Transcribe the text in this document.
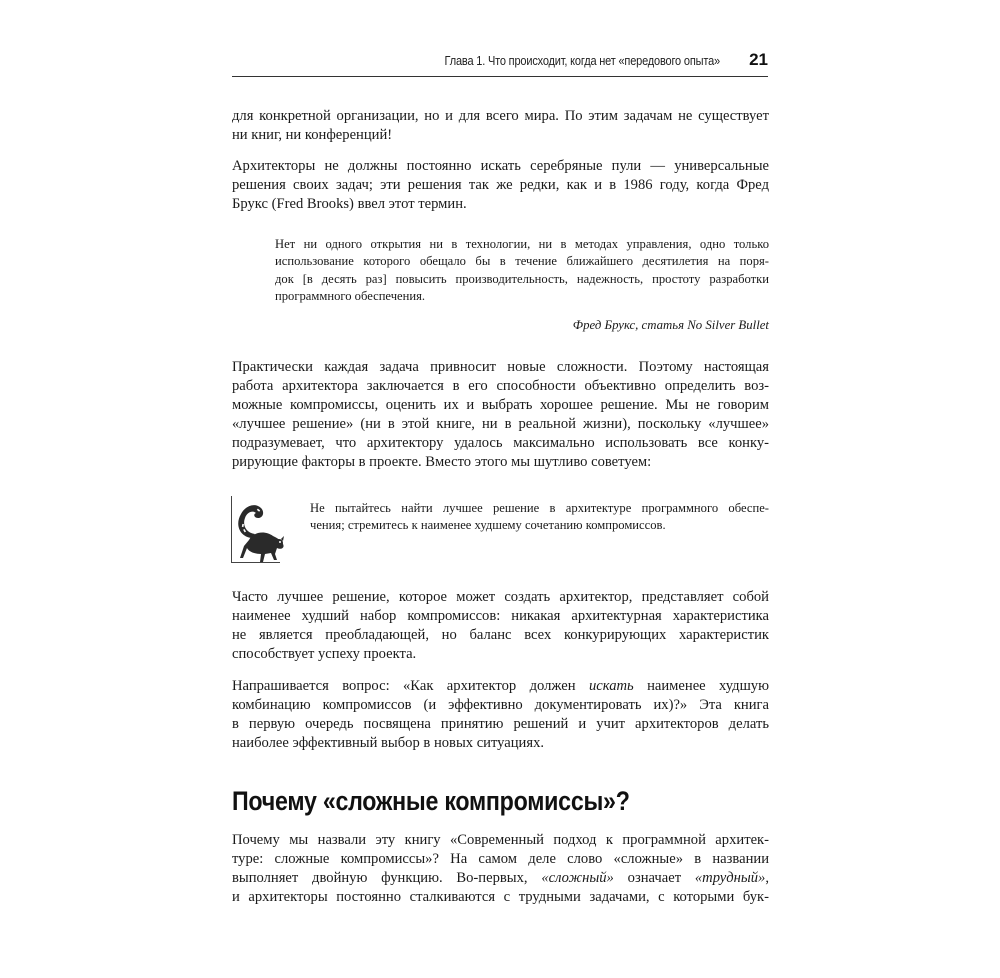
Глава 1. Что происходит, когда нет «передового опыта» 21
для конкретной организации, но и для всего мира. По этим задачам не существует
ни книг, ни конференций!
Архитекторы не должны постоянно искать серебряные пули — универсальные
решения своих задач; эти решения так же редки, как и в 1986 году, когда Фред
Брукс (Fred Brooks) ввел этот термин.
Нет ни одного открытия ни в технологии, ни в методах управления, одно только
использование которого обещало бы в течение ближайшего десятилетия на поря-
док [в десять раз] повысить производительность, надежность, простоту разработки
программного обеспечения.
Фред Брукс, статья No Silver Bullet
Практически каждая задача привносит новые сложности. Поэтому настоящая
работа архитектора заключается в его способности объективно определить воз-
можные компромиссы, оценить их и выбрать хорошее решение. Мы не говорим
«лучшее решение» (ни в этой книге, ни в реальной жизни), поскольку «лучшее»
подразумевает, что архитектору удалось максимально использовать все конку-
рирующие факторы в проекте. Вместо этого мы шутливо советуем:
Не пытайтесь найти лучшее решение в архитектуре программного обеспе-
чения; стремитесь к наименее худшему сочетанию компромиссов.
Часто лучшее решение, которое может создать архитектор, представляет собой
наименее худший набор компромиссов: никакая архитектурная характеристика
не является преобладающей, но баланс всех конкурирующих характеристик
способствует успеху проекта.
Напрашивается вопрос: «Как архитектор должен искать наименее худшую
комбинацию компромиссов (и эффективно документировать их)?» Эта книга
в первую очередь посвящена принятию решений и учит архитекторов делать
наиболее эффективный выбор в новых ситуациях.
Почему «сложные компромиссы»?
Почему мы назвали эту книгу «Современный подход к программной архитек-
туре: сложные компромиссы»? На самом деле слово «сложные» в названии
выполняет двойную функцию. Во-первых, «сложный» означает «трудный»,
и архитекторы постоянно сталкиваются с трудными задачами, с которыми бук-
